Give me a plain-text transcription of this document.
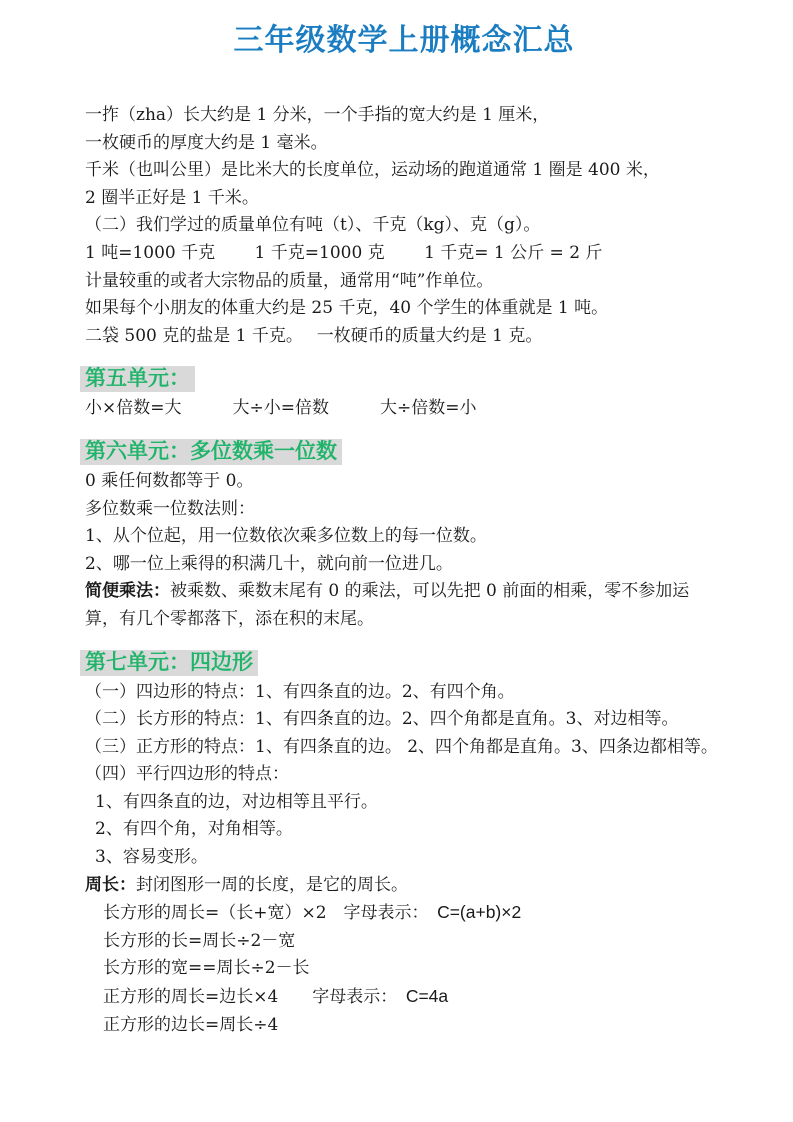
三年级数学上册概念汇总

一拃（zha）长大约是 1 分米，一个手指的宽大约是 1 厘米，

一枚硬币的厚度大约是 1 毫米。

千米（也叫公里）是比米大的长度单位，运动场的跑道通常 1 圈是 400 米，

2 圈半正好是 1 千米。

（二）我们学过的质量单位有吨（t）、千克（kg）、克（g）。

1 吨=1000 千克　　 1 千克=1000 克　　 1 千克= 1 公斤 = 2 斤

计量较重的或者大宗物品的质量，通常用“吨”作单位。

如果每个小朋友的体重大约是 25 千克，40 个学生的体重就是 1 吨。

二袋 500 克的盐是 1 千克。　 一枚硬币的质量大约是 1 克。

第五单元：

小×倍数=大　　　大÷小=倍数　　　大÷倍数=小

第六单元：多位数乘一位数

0 乘任何数都等于 0。

多位数乘一位数法则：

1、从个位起，用一位数依次乘多位数上的每一位数。

2、哪一位上乘得的积满几十，就向前一位进几。

简便乘法：被乘数、乘数末尾有 0 的乘法，可以先把 0 前面的相乘，零不参加运算，有几个零都落下，添在积的末尾。

第七单元：四边形

（一）四边形的特点：1、有四条直的边。2、有四个角。

（二）长方形的特点：1、有四条直的边。2、四个角都是直角。3、对边相等。

（三）正方形的特点：1、有四条直的边。 2、四个角都是直角。3、四条边都相等。

（四）平行四边形的特点：

1、有四条直的边，对边相等且平行。

2、有四个角，对角相等。

3、容易变形。

周长：封闭图形一周的长度，是它的周长。

长方形的周长=（长+宽）×2　字母表示：　C=(a+b)×2

长方形的长=周长÷2－宽

长方形的宽==周长÷2－长

正方形的周长=边长×4　　字母表示：　C=4a

正方形的边长=周长÷4
